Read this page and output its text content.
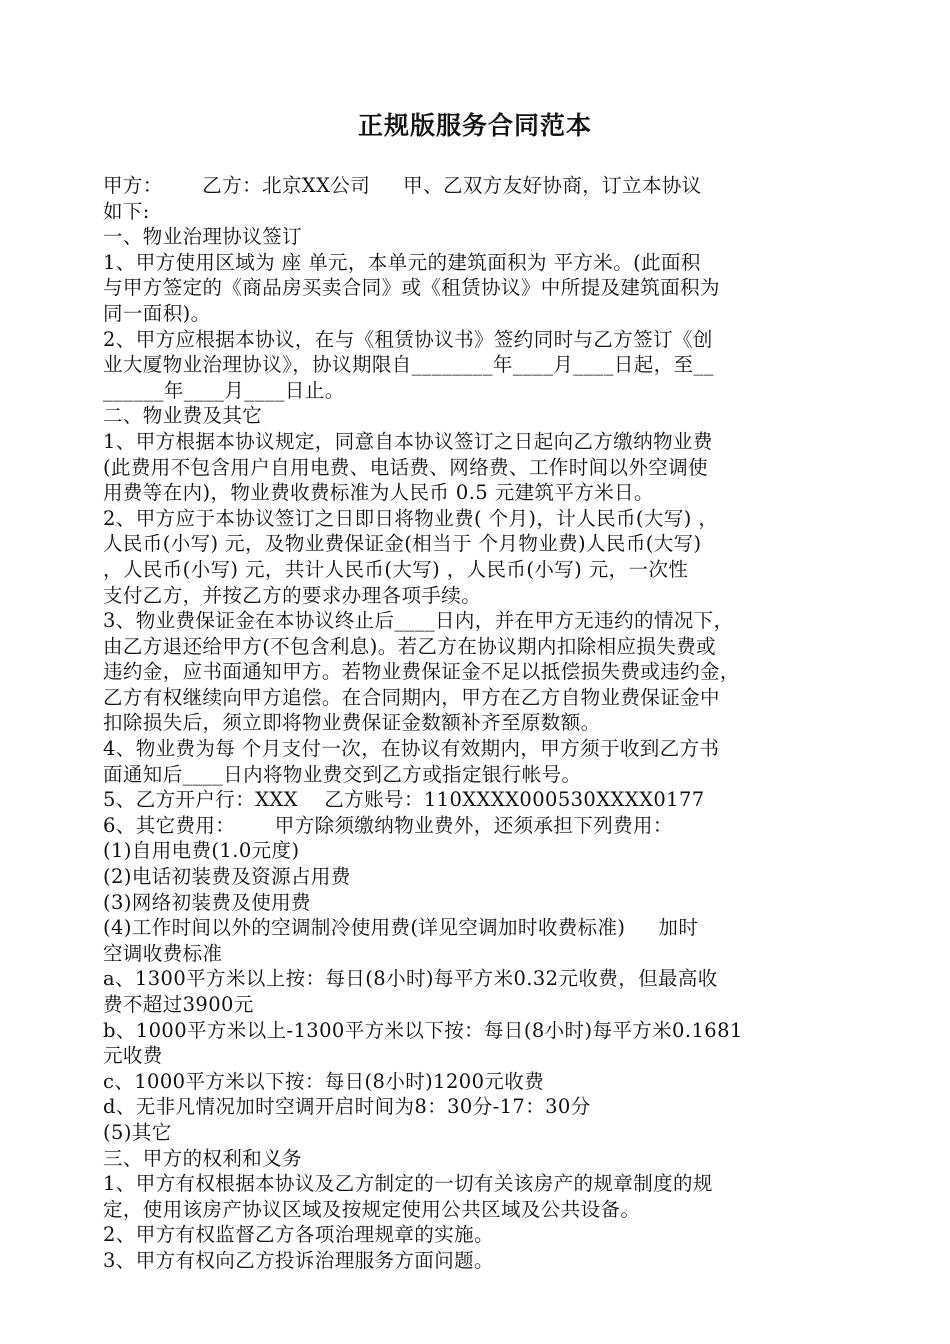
正规版服务合同范本
甲方：      乙方：北京XX公司     甲、乙双方友好协商，订立本协议
如下:
一、物业治理协议签订
1、甲方使用区域为 座 单元，本单元的建筑面积为 平方米。(此面积
与甲方签定的《商品房买卖合同》或《租赁协议》中所提及建筑面积为
同一面积)。
2、甲方应根据本协议，在与《租赁协议书》签约同时与乙方签订《创
业大厦物业治理协议》，协议期限自________年____月____日起，至__
______年____月____日止。
二、物业费及其它
1、甲方根据本协议规定，同意自本协议签订之日起向乙方缴纳物业费
(此费用不包含用户自用电费、电话费、网络费、工作时间以外空调使
用费等在内)，物业费收费标准为人民币 0.5 元建筑平方米日。
2、甲方应于本协议签订之日即日将物业费( 个月)，计人民币(大写) ，
人民币(小写) 元，及物业费保证金(相当于 个月物业费)人民币(大写)
，人民币(小写) 元，共计人民币(大写) ，人民币(小写) 元，一次性
支付乙方，并按乙方的要求办理各项手续。
3、物业费保证金在本协议终止后____日内，并在甲方无违约的情况下，
由乙方退还给甲方(不包含利息)。若乙方在协议期内扣除相应损失费或
违约金，应书面通知甲方。若物业费保证金不足以抵偿损失费或违约金，
乙方有权继续向甲方追偿。在合同期内，甲方在乙方自物业费保证金中
扣除损失后，须立即将物业费保证金数额补齐至原数额。
4、物业费为每 个月支付一次，在协议有效期内，甲方须于收到乙方书
面通知后____日内将物业费交到乙方或指定银行帐号。
5、乙方开户行：XXX    乙方账号：110XXXX000530XXXX0177
6、其它费用：      甲方除须缴纳物业费外，还须承担下列费用：
(1)自用电费(1.0元度)
(2)电话初装费及资源占用费
(3)网络初装费及使用费
(4)工作时间以外的空调制冷使用费(详见空调加时收费标准)     加时
空调收费标准
a、1300平方米以上按：每日(8小时)每平方米0.32元收费，但最高收
费不超过3900元
b、1000平方米以上-1300平方米以下按：每日(8小时)每平方米0.1681
元收费
c、1000平方米以下按：每日(8小时)1200元收费
d、无非凡情况加时空调开启时间为8：30分-17：30分
(5)其它
三、甲方的权利和义务
1、甲方有权根据本协议及乙方制定的一切有关该房产的规章制度的规
定，使用该房产协议区域及按规定使用公共区域及公共设备。
2、甲方有权监督乙方各项治理规章的实施。
3、甲方有权向乙方投诉治理服务方面问题。
